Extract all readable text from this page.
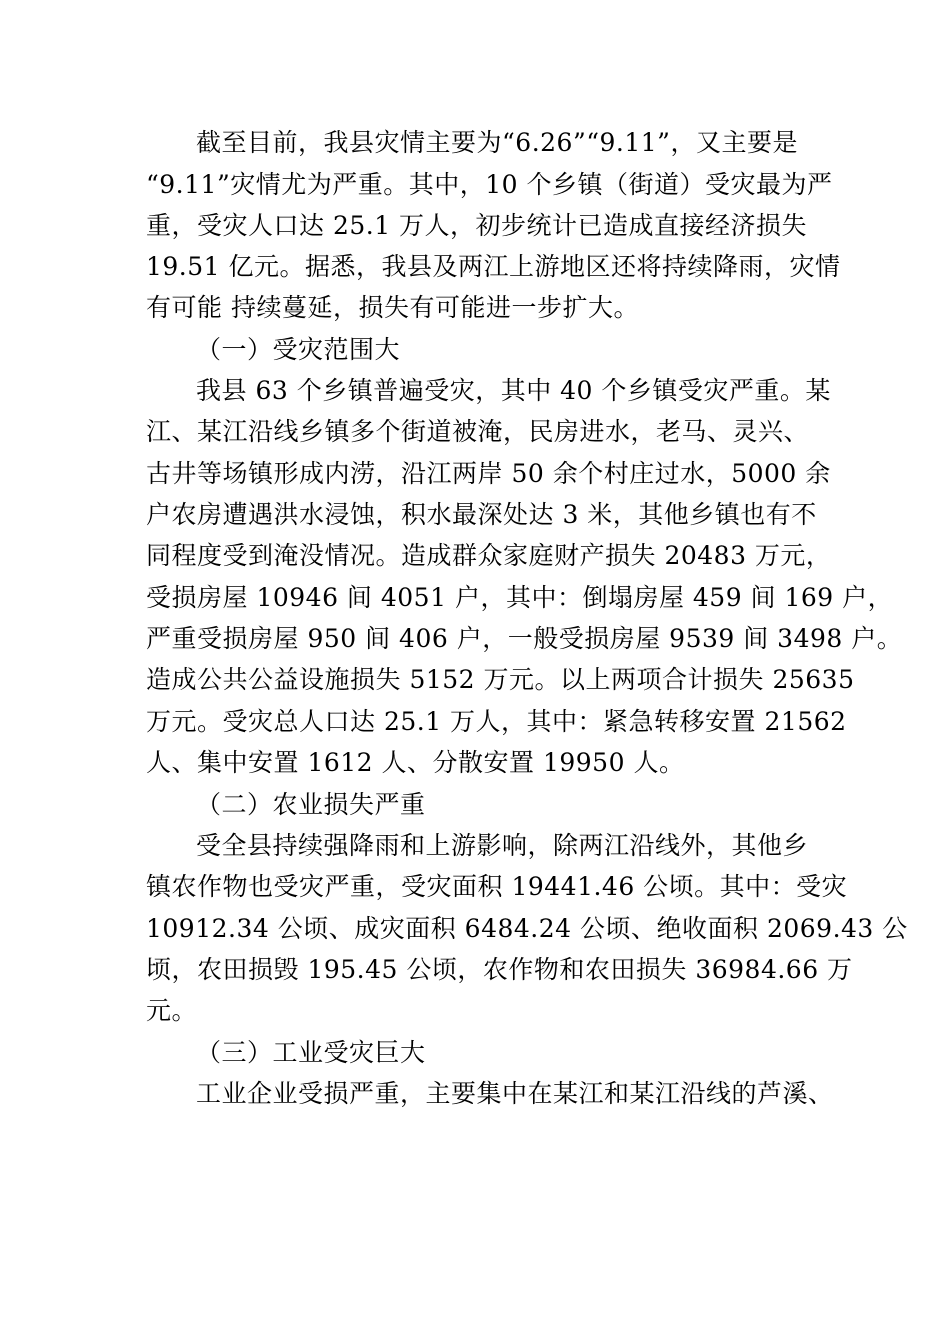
截至目前，我县灾情主要为“6.26”“9.11”，又主要是
“9.11”灾情尤为严重。其中，10 个乡镇（街道）受灾最为严
重，受灾人口达 25.1 万人，初步统计已造成直接经济损失
19.51 亿元。据悉，我县及两江上游地区还将持续降雨，灾情
有可能 持续蔓延，损失有可能进一步扩大。
（一）受灾范围大
我县 63 个乡镇普遍受灾，其中 40 个乡镇受灾严重。某
江、某江沿线乡镇多个街道被淹，民房进水，老马、灵兴、
古井等场镇形成内涝，沿江两岸 50 余个村庄过水，5000 余
户农房遭遇洪水浸蚀，积水最深处达 3 米，其他乡镇也有不
同程度受到淹没情况。造成群众家庭财产损失 20483 万元，
受损房屋 10946 间 4051 户，其中：倒塌房屋 459 间 169 户，
严重受损房屋 950 间 406 户，一般受损房屋 9539 间 3498 户。
造成公共公益设施损失 5152 万元。以上两项合计损失 25635
万元。受灾总人口达 25.1 万人，其中：紧急转移安置 21562
人、集中安置 1612 人、分散安置 19950 人。
（二）农业损失严重
受全县持续强降雨和上游影响，除两江沿线外，其他乡
镇农作物也受灾严重，受灾面积 19441.46 公顷。其中：受灾
10912.34 公顷、成灾面积 6484.24 公顷、绝收面积 2069.43 公
顷，农田损毁 195.45 公顷，农作物和农田损失 36984.66 万
元。
（三）工业受灾巨大
工业企业受损严重，主要集中在某江和某江沿线的芦溪、
